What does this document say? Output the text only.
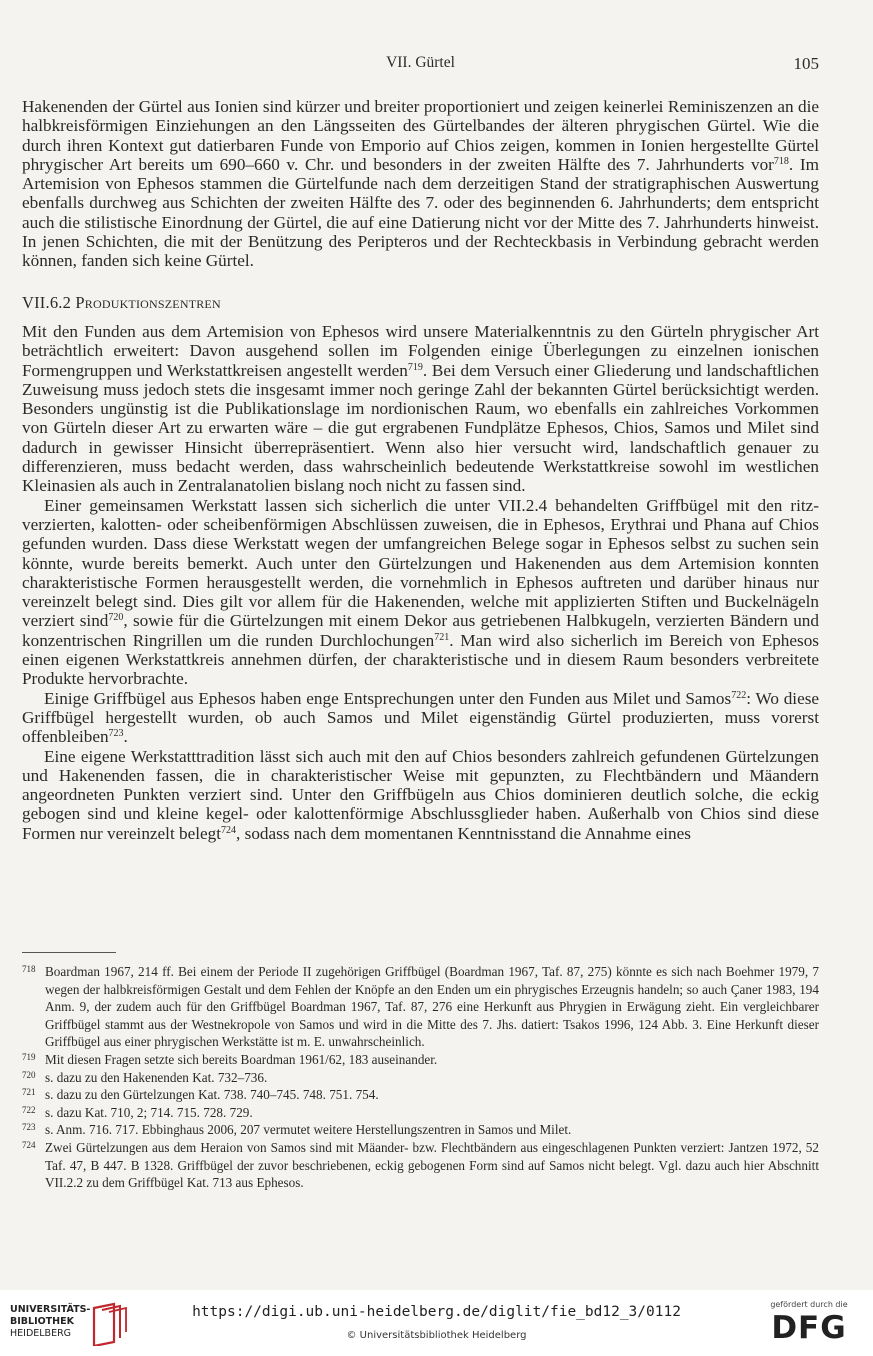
VII. Gürtel	105

Hakenenden der Gürtel aus Ionien sind kürzer und breiter proportioniert und zeigen keinerlei Reminiszenzen an die halbkreisförmigen Einziehungen an den Längsseiten des Gürtelbandes der älteren phrygischen Gürtel. Wie die durch ihren Kontext gut datierbaren Funde von Emporio auf Chios zeigen, kommen in Ionien hergestellte Gürtel phrygischer Art bereits um 690–660 v. Chr. und besonders in der zweiten Hälfte des 7. Jahrhunderts vor$^{718}$. Im Artemision von Ephesos stammen die Gürtelfunde nach dem derzeitigen Stand der stratigraphischen Auswertung ebenfalls durchweg aus Schichten der zweiten Hälfte des 7. oder des beginnenden 6. Jahrhunderts; dem entspricht auch die stilistische Einordnung der Gürtel, die auf eine Datierung nicht vor der Mitte des 7. Jahrhunderts hinweist. In jenen Schichten, die mit der Benützung des Peripteros und der Rechteckbasis in Verbindung gebracht werden können, fanden sich keine Gürtel.

VII.6.2 Produktionszentren

Mit den Funden aus dem Artemision von Ephesos wird unsere Materialkenntnis zu den Gürteln phrygischer Art beträchtlich erweitert: Davon ausgehend sollen im Folgenden einige Überlegungen zu einzelnen ionischen Formengruppen und Werkstattkreisen angestellt werden$^{719}$. Bei dem Versuch einer Gliederung und landschaftlichen Zuweisung muss jedoch stets die insgesamt immer noch geringe Zahl der bekannten Gürtel berücksichtigt werden. Besonders ungünstig ist die Publikationslage im nordionischen Raum, wo ebenfalls ein zahlreiches Vorkommen von Gürteln dieser Art zu erwarten wäre – die gut ergrabenen Fundplätze Ephesos, Chios, Samos und Milet sind dadurch in gewisser Hinsicht überrepräsentiert. Wenn also hier versucht wird, landschaftlich genauer zu differenzieren, muss bedacht werden, dass wahrscheinlich bedeutende Werkstattkreise sowohl im westlichen Kleinasien als auch in Zentralanatolien bislang noch nicht zu fassen sind.

Einer gemeinsamen Werkstatt lassen sich sicherlich die unter VII.2.4 behandelten Griffbügel mit den ritzverzierten, kalotten- oder scheibenförmigen Abschlüssen zuweisen, die in Ephesos, Erythrai und Phana auf Chios gefunden wurden. Dass diese Werkstatt wegen der umfangreichen Belege sogar in Ephesos selbst zu suchen sein könnte, wurde bereits bemerkt. Auch unter den Gürtelzungen und Hakenenden aus dem Artemision konnten charakteristische Formen herausgestellt werden, die vornehmlich in Ephesos auftreten und darüber hinaus nur vereinzelt belegt sind. Dies gilt vor allem für die Hakenenden, welche mit applizierten Stiften und Buckelnägeln verziert sind$^{720}$, sowie für die Gürtelzungen mit einem Dekor aus getriebenen Halbkugeln, verzierten Bändern und konzentrischen Ringrillen um die runden Durchlochungen$^{721}$. Man wird also sicherlich im Bereich von Ephesos einen eigenen Werkstattkreis annehmen dürfen, der charakteristische und in diesem Raum besonders verbreitete Produkte hervorbrachte.

Einige Griffbügel aus Ephesos haben enge Entsprechungen unter den Funden aus Milet und Samos$^{722}$: Wo diese Griffbügel hergestellt wurden, ob auch Samos und Milet eigenständig Gürtel produzierten, muss vorerst offenbleiben$^{723}$.

Eine eigene Werkstatttradition lässt sich auch mit den auf Chios besonders zahlreich gefundenen Gürtelzungen und Hakenenden fassen, die in charakteristischer Weise mit gepunzten, zu Flechtbändern und Mäandern angeordneten Punkten verziert sind. Unter den Griffbügeln aus Chios dominieren deutlich solche, die eckig gebogen sind und kleine kegel- oder kalottenförmige Abschlussglieder haben. Außerhalb von Chios sind diese Formen nur vereinzelt belegt$^{724}$, sodass nach dem momentanen Kenntnisstand die Annahme eines

718 Boardman 1967, 214 ff. Bei einem der Periode II zugehörigen Griffbügel (Boardman 1967, Taf. 87, 275) könnte es sich nach Boehmer 1979, 7 wegen der halbkreisförmigen Gestalt und dem Fehlen der Knöpfe an den Enden um ein phrygisches Erzeugnis handeln; so auch Çaner 1983, 194 Anm. 9, der zudem auch für den Griffbügel Boardman 1967, Taf. 87, 276 eine Herkunft aus Phrygien in Erwägung zieht. Ein vergleichbarer Griffbügel stammt aus der Westnekropole von Samos und wird in die Mitte des 7. Jhs. datiert: Tsakos 1996, 124 Abb. 3. Eine Herkunft dieser Griffbügel aus einer phrygischen Werkstätte ist m. E. unwahrscheinlich.
719 Mit diesen Fragen setzte sich bereits Boardman 1961/62, 183 auseinander.
720 s. dazu zu den Hakenenden Kat. 732–736.
721 s. dazu zu den Gürtelzungen Kat. 738. 740–745. 748. 751. 754.
722 s. dazu Kat. 710, 2; 714. 715. 728. 729.
723 s. Anm. 716. 717. Ebbinghaus 2006, 207 vermutet weitere Herstellungszentren in Samos und Milet.
724 Zwei Gürtelzungen aus dem Heraion von Samos sind mit Mäander- bzw. Flechtbändern aus eingeschlagenen Punkten verziert: Jantzen 1972, 52 Taf. 47, B 447. B 1328. Griffbügel der zuvor beschriebenen, eckig gebogenen Form sind auf Samos nicht belegt. Vgl. dazu auch hier Abschnitt VII.2.2 zu dem Griffbügel Kat. 713 aus Ephesos.
UNIVERSITÄTS-
BIBLIOTHEK
HEIDELBERG
https://digi.ub.uni-heidelberg.de/diglit/fie_bd12_3/0112
© Universitätsbibliothek Heidelberg
gefördert durch die
DFG
